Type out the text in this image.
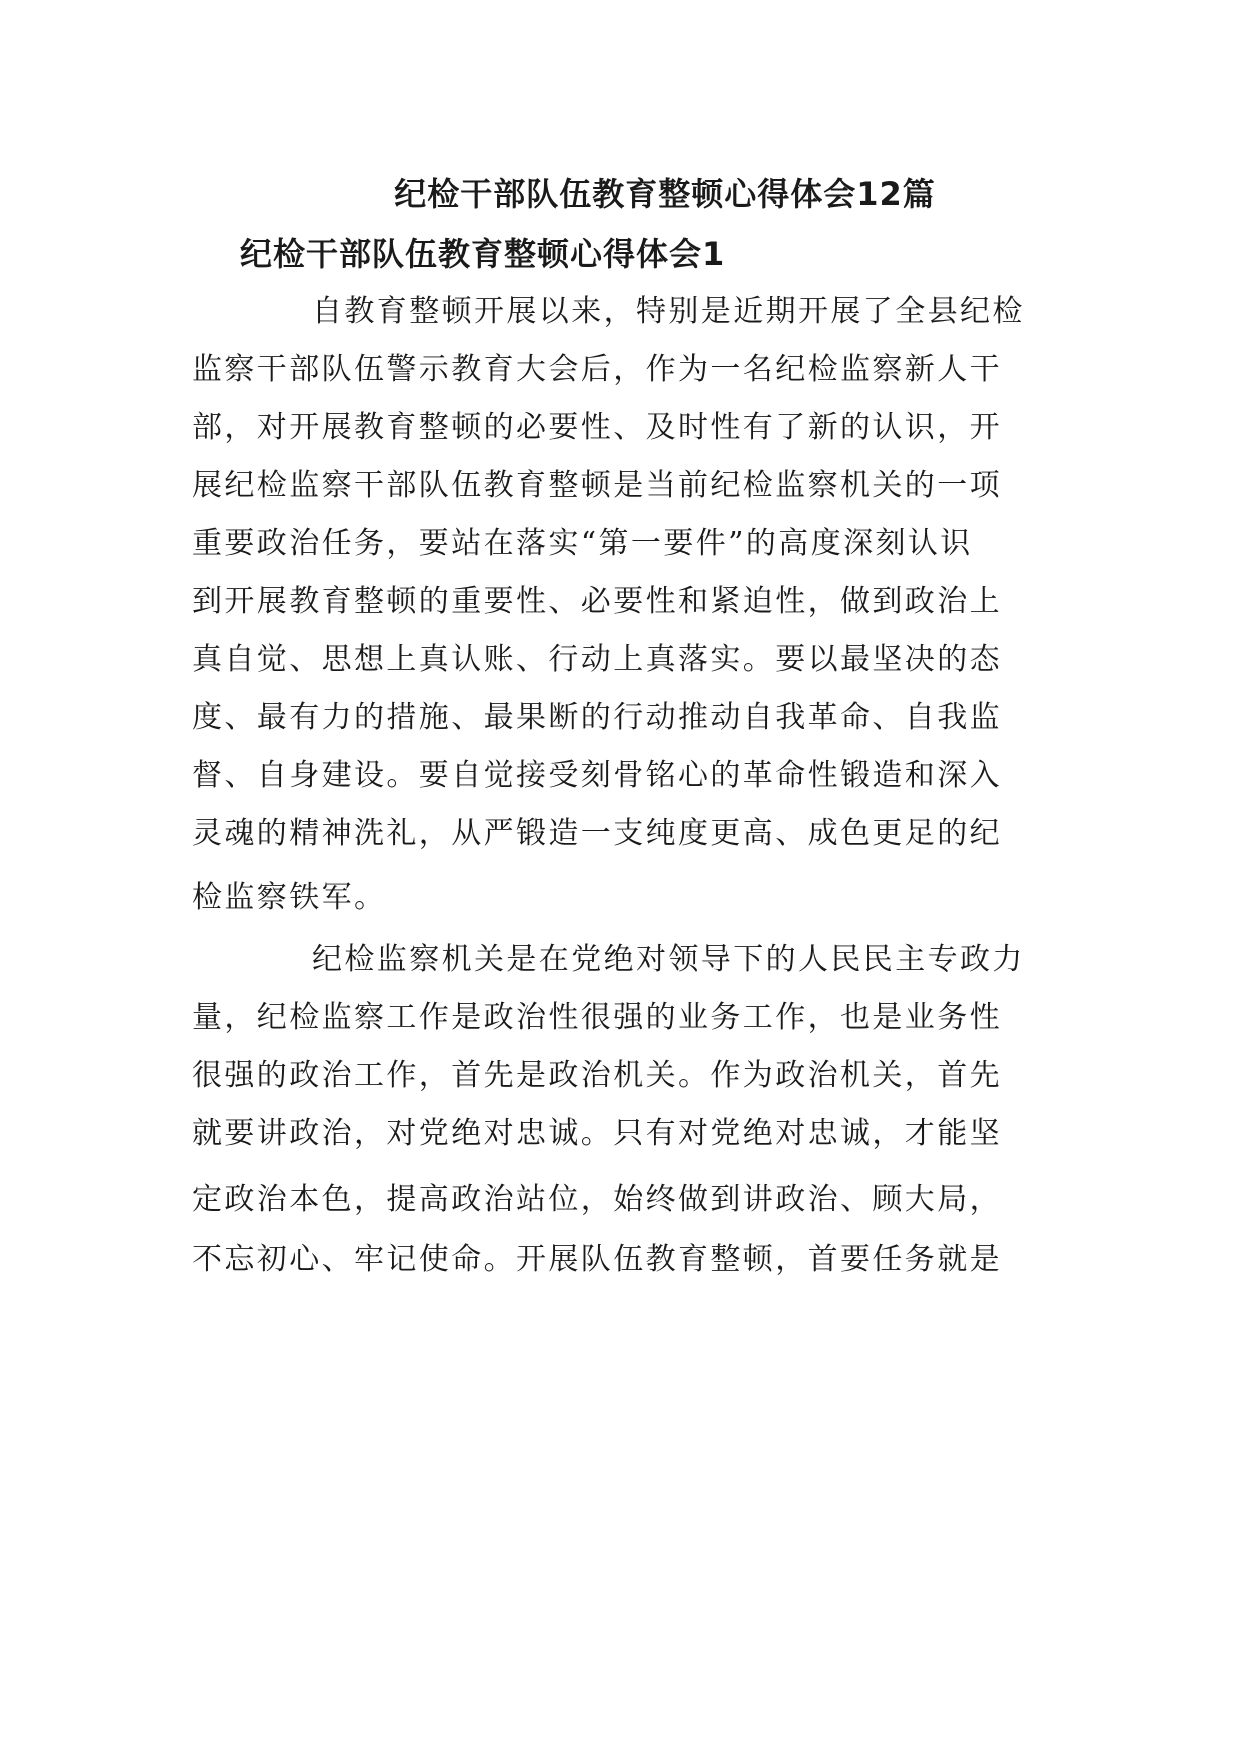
纪检干部队伍教育整顿心得体会12篇
纪检干部队伍教育整顿心得体会1

自教育整顿开展以来，特别是近期开展了全县纪检

监察干部队伍警示教育大会后，作为一名纪检监察新人干

部，对开展教育整顿的必要性、及时性有了新的认识，开

展纪检监察干部队伍教育整顿是当前纪检监察机关的一项

重要政治任务，要站在落实“第一要件”的高度深刻认识

到开展教育整顿的重要性、必要性和紧迫性，做到政治上

真自觉、思想上真认账、行动上真落实。要以最坚决的态

度、最有力的措施、最果断的行动推动自我革命、自我监

督、自身建设。要自觉接受刻骨铭心的革命性锻造和深入

灵魂的精神洗礼，从严锻造一支纯度更高、成色更足的纪

检监察铁军。

纪检监察机关是在党绝对领导下的人民民主专政力

量，纪检监察工作是政治性很强的业务工作，也是业务性

很强的政治工作，首先是政治机关。作为政治机关，首先

就要讲政治，对党绝对忠诚。只有对党绝对忠诚，才能坚

定政治本色，提高政治站位，始终做到讲政治、顾大局，

不忘初心、牢记使命。开展队伍教育整顿，首要任务就是
